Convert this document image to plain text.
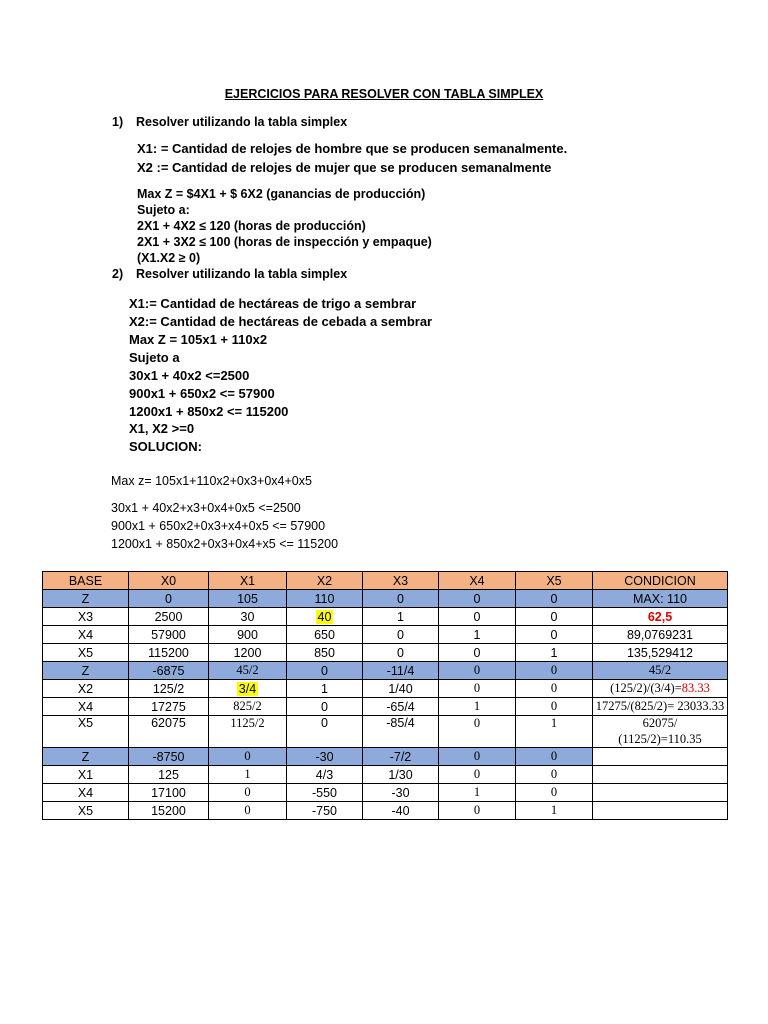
EJERCICIOS PARA RESOLVER CON TABLA SIMPLEX
1) Resolver utilizando la tabla simplex
X1: = Cantidad de relojes de hombre que se producen semanalmente.
X2 := Cantidad de relojes de mujer que se producen semanalmente
Max Z = $4X1 + $ 6X2 (ganancias de producción)
Sujeto a:
2X1 + 4X2 ≤ 120 (horas de producción)
2X1 + 3X2 ≤ 100 (horas de inspección y empaque)
(X1.X2 ≥ 0)
2) Resolver utilizando la tabla simplex
X1:= Cantidad de hectáreas de trigo a sembrar
X2:= Cantidad de hectáreas de cebada a sembrar
Max Z = 105x1 + 110x2
Sujeto a
30x1 + 40x2 <=2500
900x1 + 650x2 <= 57900
1200x1 + 850x2 <= 115200
X1, X2 >=0
SOLUCION:
Max z= 105x1+110x2+0x3+0x4+0x5
30x1 + 40x2+x3+0x4+0x5 <=2500
900x1 + 650x2+0x3+x4+0x5 <= 57900
1200x1 + 850x2+0x3+0x4+x5 <= 115200
BASE	X0	X1	X2	X3	X4	X5	CONDICION
Z	0	105	110	0	0	0	MAX: 110
X3	2500	30	40	1	0	0	62,5
X4	57900	900	650	0	1	0	89,0769231
X5	115200	1200	850	0	0	1	135,529412
Z	-6875	45/2	0	-11/4	0	0	45/2
X2	125/2	3/4	1	1/40	0	0	(125/2)/(3/4)=83.33
X4	17275	825/2	0	-65/4	1	0	17275/(825/2)= 23033.33
X5	62075	1125/2	0	-85/4	0	1	62075/
(1125/2)=110.35

Z	-8750	0	-30	-7/2	0	0	
X1	125	1	4/3	1/30	0	0	
X4	17100	0	-550	-30	1	0	
X5	15200	0	-750	-40	0	1	
